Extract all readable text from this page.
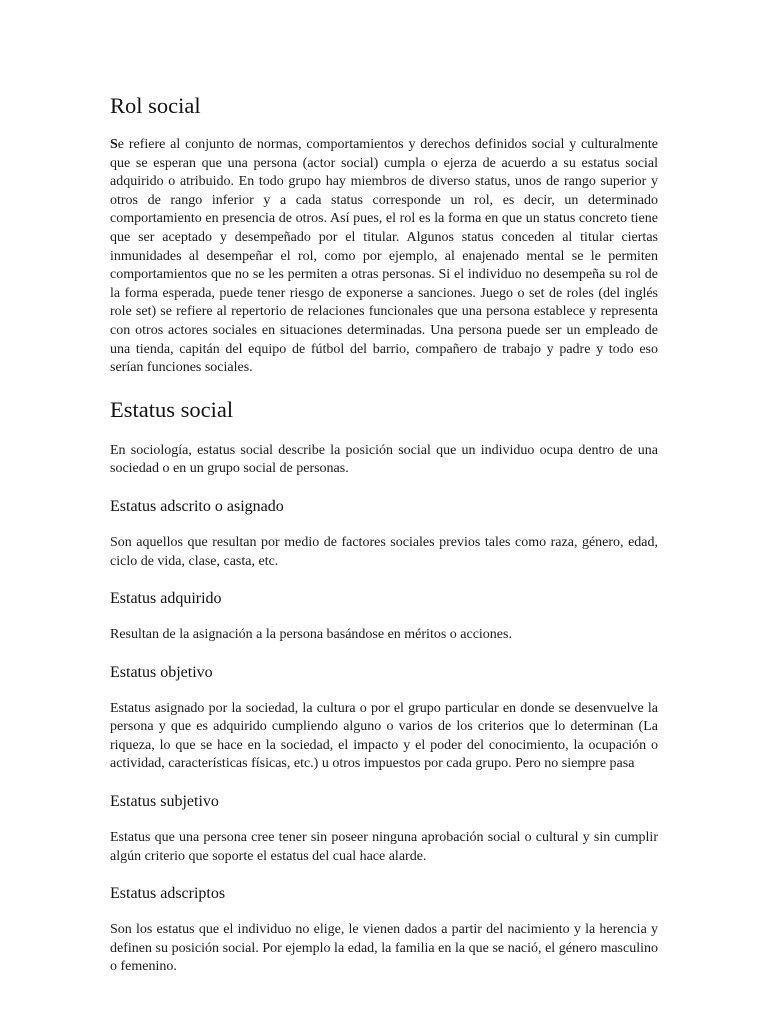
Rol social

Se refiere al conjunto de normas, comportamientos y derechos definidos social y culturalmente que se esperan que una persona (actor social) cumpla o ejerza de acuerdo a su estatus social adquirido o atribuido. En todo grupo hay miembros de diverso status, unos de rango superior y otros de rango inferior y a cada status corresponde un rol, es decir, un determinado comportamiento en presencia de otros. Así pues, el rol es la forma en que un status concreto tiene que ser aceptado y desempeñado por el titular. Algunos status conceden al titular ciertas inmunidades al desempeñar el rol, como por ejemplo, al enajenado mental se le permiten comportamientos que no se les permiten a otras personas. Si el individuo no desempeña su rol de la forma esperada, puede tener riesgo de exponerse a sanciones. Juego o set de roles (del inglés role set) se refiere al repertorio de relaciones funcionales que una persona establece y representa con otros actores sociales en situaciones determinadas. Una persona puede ser un empleado de una tienda, capitán del equipo de fútbol del barrio, compañero de trabajo y padre y todo eso serían funciones sociales.

Estatus social

En sociología, estatus social describe la posición social que un individuo ocupa dentro de una sociedad o en un grupo social de personas.

Estatus adscrito o asignado

Son aquellos que resultan por medio de factores sociales previos tales como raza, género, edad, ciclo de vida, clase, casta, etc.

Estatus adquirido

Resultan de la asignación a la persona basándose en méritos o acciones.

Estatus objetivo

Estatus asignado por la sociedad, la cultura o por el grupo particular en donde se desenvuelve la persona y que es adquirido cumpliendo alguno o varios de los criterios que lo determinan (La riqueza, lo que se hace en la sociedad, el impacto y el poder del conocimiento, la ocupación o actividad, características físicas, etc.) u otros impuestos por cada grupo. Pero no siempre pasa

Estatus subjetivo

Estatus que una persona cree tener sin poseer ninguna aprobación social o cultural y sin cumplir algún criterio que soporte el estatus del cual hace alarde.

Estatus adscriptos

Son los estatus que el individuo no elige, le vienen dados a partir del nacimiento y la herencia y definen su posición social. Por ejemplo la edad, la familia en la que se nació, el género masculino o femenino.
